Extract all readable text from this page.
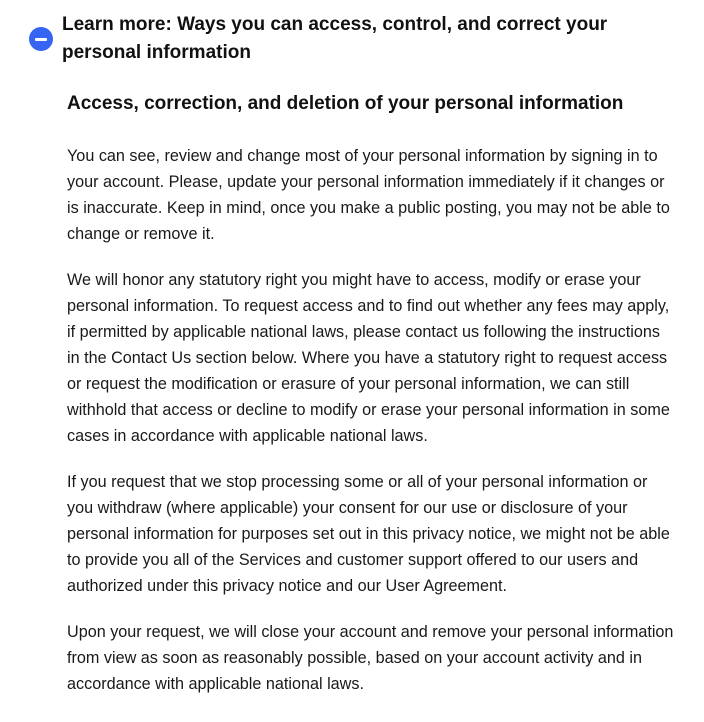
Learn more: Ways you can access, control, and correct your personal information
Access, correction, and deletion of your personal information

You can see, review and change most of your personal information by signing in to your account. Please, update your personal information immediately if it changes or is inaccurate. Keep in mind, once you make a public posting, you may not be able to change or remove it.

We will honor any statutory right you might have to access, modify or erase your personal information. To request access and to find out whether any fees may apply, if permitted by applicable national laws, please contact us following the instructions in the Contact Us section below. Where you have a statutory right to request access or request the modification or erasure of your personal information, we can still withhold that access or decline to modify or erase your personal information in some cases in accordance with applicable national laws.

If you request that we stop processing some or all of your personal information or you withdraw (where applicable) your consent for our use or disclosure of your personal information for purposes set out in this privacy notice, we might not be able to provide you all of the Services and customer support offered to our users and authorized under this privacy notice and our User Agreement.

Upon your request, we will close your account and remove your personal information from view as soon as reasonably possible, based on your account activity and in accordance with applicable national laws.
